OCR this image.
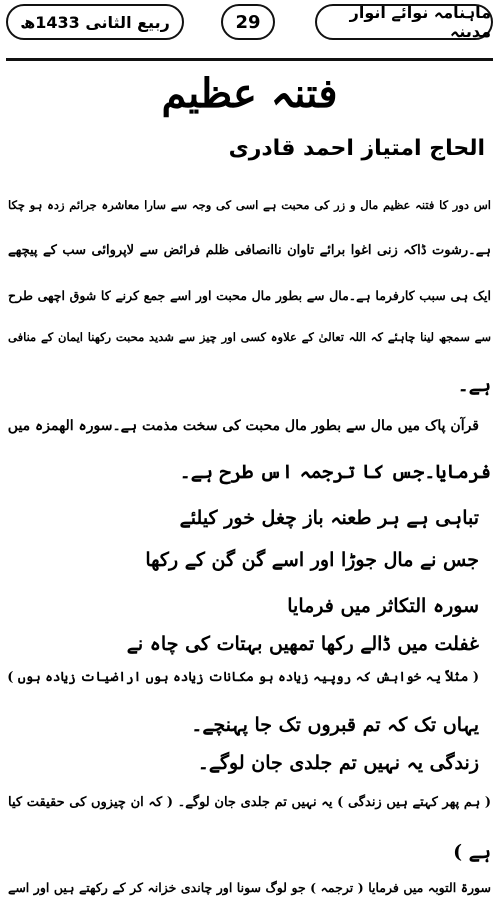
ماہنامہ نوائے انوار مدینہ
29
ربیع الثانی 1433ھ
فتنہ عظیم
الحاج امتیاز احمد قادری
اس دور کا فتنہ عظیم مال و زر کی محبت ہے اسی کی وجہ سے سارا معاشرہ جرائم زدہ ہو چکا
ہے۔رشوت ڈاکہ زنی اغوا برائے تاوان ناانصافی ظلم فرائض سے لاپروائی سب کے پیچھے
ایک ہی سبب کارفرما ہے۔مال سے بطور مال محبت اور اسے جمع کرنے کا شوق اچھی طرح
سے سمجھ لینا چاہئے کہ اللہ تعالیٰ کے علاوہ کسی اور چیز سے شدید محبت رکھنا ایمان کے منافی
ہے۔
قرآن پاک میں مال سے بطور مال محبت کی سخت مذمت ہے۔سورہ الھمزہ میں
فرمایا۔جس کا ترجمہ اس طرح ہے۔
تباہی ہے ہر طعنہ باز چغل خور کیلئے
جس نے مال جوڑا اور اسے گن گن کے رکھا
سورہ التکاثر میں فرمایا
غفلت میں ڈالے رکھا تمھیں بہتات کی چاہ نے
( مثلاً یہ خواہش کہ روپیہ زیادہ ہو مکانات زیادہ ہوں اراضیات زیادہ ہوں )
یہاں تک کہ تم قبروں تک جا پہنچے۔
زندگی یہ نہیں تم جلدی جان لوگے۔
( ہم پھر کہتے ہیں زندگی ) یہ نہیں تم جلدی جان لوگے۔ ( کہ ان چیزوں کی حقیقت کیا
ہے )
سورۃ التوبہ میں فرمایا ( ترجمہ ) جو لوگ سونا اور چاندی خزانہ کر کے رکھتے ہیں اور اسے
